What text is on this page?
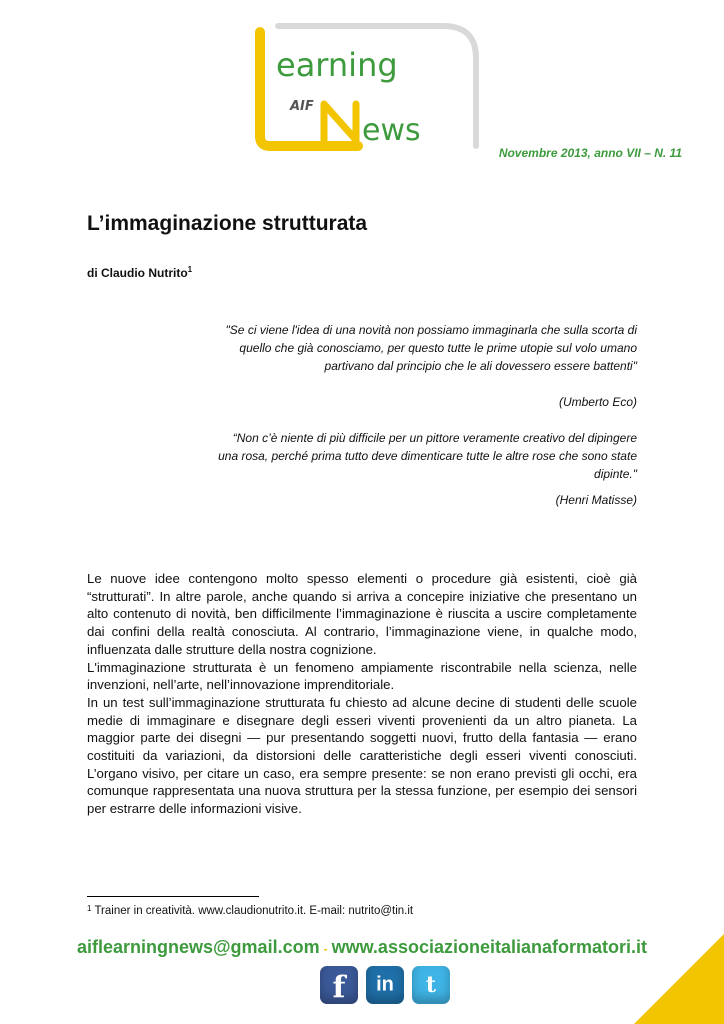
earning
AIF
ews
Novembre 2013, anno VII – N. 11
L’immaginazione strutturata
di Claudio Nutrito$^1$
"Se ci viene l'idea di una novità non possiamo immaginarla che sulla scorta di quello che già conosciamo, per questo tutte le prime utopie sul volo umano partivano dal principio che le ali dovessero essere battenti"
(Umberto Eco)
“Non c’è niente di più difficile per un pittore veramente creativo del dipingere una rosa, perché prima tutto deve dimenticare tutte le altre rose che sono state dipinte."
(Henri Matisse)

Le nuove idee contengono molto spesso elementi o procedure già esistenti, cioè già “strutturati”. In altre parole, anche quando si arriva a concepire iniziative che presentano un alto contenuto di novità, ben difficilmente l’immaginazione è riuscita a uscire completamente dai confini della realtà conosciuta. Al contrario, l’immaginazione viene, in qualche modo, influenzata dalle strutture della nostra cognizione.

L'immaginazione strutturata è un fenomeno ampiamente riscontrabile nella scienza, nelle invenzioni, nell’arte, nell’innovazione imprenditoriale.

In un test sull’immaginazione strutturata fu chiesto ad alcune decine di studenti delle scuole medie di immaginare e disegnare degli esseri viventi provenienti da un altro pianeta. La maggior parte dei disegni — pur presentando soggetti nuovi, frutto della fantasia — erano costituiti da variazioni, da distorsioni delle caratteristiche degli esseri viventi conosciuti. L’organo visivo, per citare un caso, era sempre presente: se non erano previsti gli occhi, era comunque rappresentata una nuova struttura per la stessa funzione, per esempio dei sensori per estrarre delle informazioni visive.

$^1$ Trainer in creatività. www.claudionutrito.it. E-mail: nutrito@tin.it
aiflearningnews@gmail.com - www.associazioneitalianaformatori.it
f	in	t
